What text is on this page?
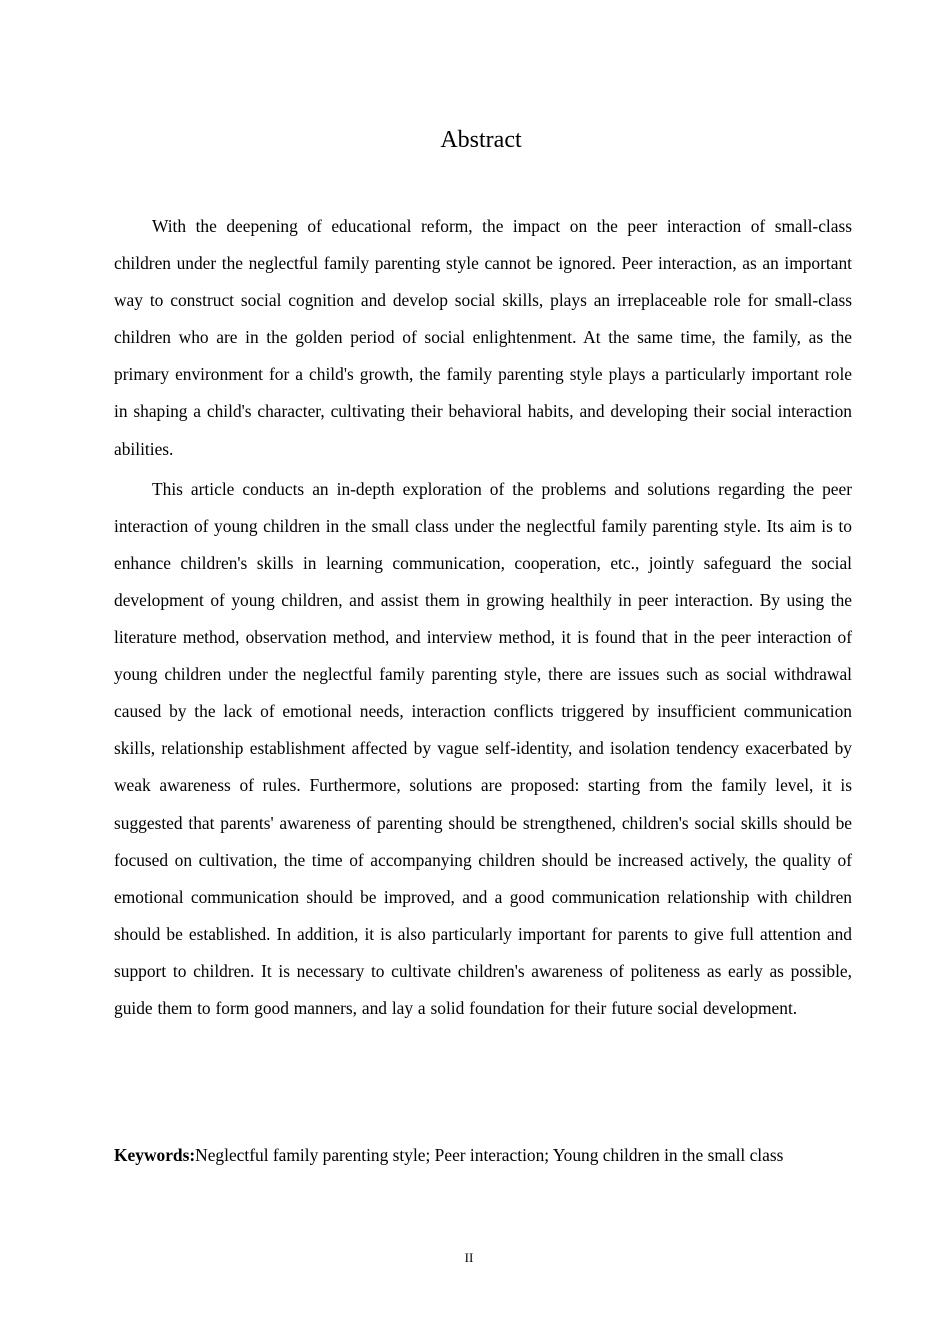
Abstract

With the deepening of educational reform, the impact on the peer interaction of small-class children under the neglectful family parenting style cannot be ignored. Peer interaction, as an important way to construct social cognition and develop social skills, plays an irreplaceable role for small-class children who are in the golden period of social enlightenment. At the same time, the family, as the primary environment for a child's growth, the family parenting style plays a particularly important role in shaping a child's character, cultivating their behavioral habits, and developing their social interaction abilities.

This article conducts an in-depth exploration of the problems and solutions regarding the peer interaction of young children in the small class under the neglectful family parenting style. Its aim is to enhance children's skills in learning communication, cooperation, etc., jointly safeguard the social development of young children, and assist them in growing healthily in peer interaction. By using the literature method, observation method, and interview method, it is found that in the peer interaction of young children under the neglectful family parenting style, there are issues such as social withdrawal caused by the lack of emotional needs, interaction conflicts triggered by insufficient communication skills, relationship establishment affected by vague self-identity, and isolation tendency exacerbated by weak awareness of rules. Furthermore, solutions are proposed: starting from the family level, it is suggested that parents' awareness of parenting should be strengthened, children's social skills should be focused on cultivation, the time of accompanying children should be increased actively, the quality of emotional communication should be improved, and a good communication relationship with children should be established. In addition, it is also particularly important for parents to give full attention and support to children. It is necessary to cultivate children's awareness of politeness as early as possible, guide them to form good manners, and lay a solid foundation for their future social development.

Keywords:Neglectful family parenting style; Peer interaction; Young children in the small class
II
